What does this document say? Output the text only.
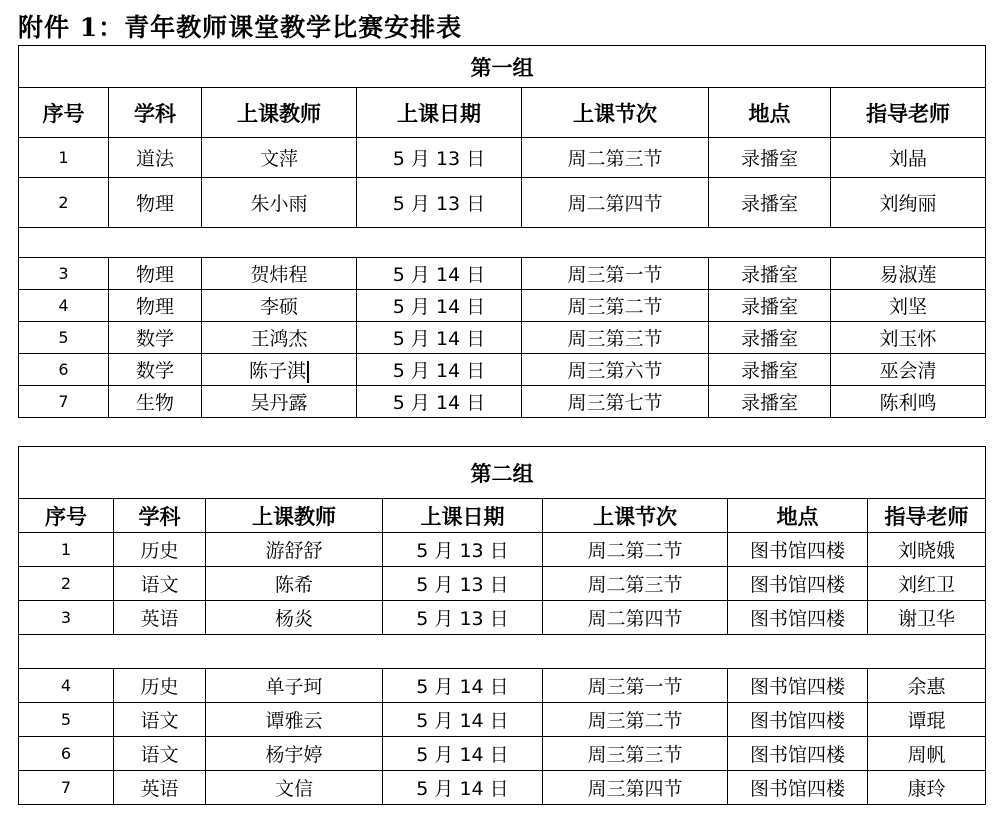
附件 1：青年教师课堂教学比赛安排表
第一组						
序号	学科	上课教师	上课日期	上课节次	地点	指导老师
1	道法	文萍	5 月 13 日	周二第三节	录播室	刘晶
2	物理	朱小雨	5 月 13 日	周二第四节	录播室	刘绚丽

3	物理	贺炜程	5 月 14 日	周三第一节	录播室	易淑莲
4	物理	李硕	5 月 14 日	周三第二节	录播室	刘坚
5	数学	王鸿杰	5 月 14 日	周三第三节	录播室	刘玉怀
6	数学	陈子淇	5 月 14 日	周三第六节	录播室	巫会清
7	生物	吴丹露	5 月 14 日	周三第七节	录播室	陈利鸣
第二组						
序号	学科	上课教师	上课日期	上课节次	地点	指导老师
1	历史	游舒舒	5 月 13 日	周二第二节	图书馆四楼	刘晓娥
2	语文	陈希	5 月 13 日	周二第三节	图书馆四楼	刘红卫
3	英语	杨炎	5 月 13 日	周二第四节	图书馆四楼	谢卫华

4	历史	单子珂	5 月 14 日	周三第一节	图书馆四楼	余惠
5	语文	谭雅云	5 月 14 日	周三第二节	图书馆四楼	谭琨
6	语文	杨宇婷	5 月 14 日	周三第三节	图书馆四楼	周帆
7	英语	文信	5 月 14 日	周三第四节	图书馆四楼	康玲
